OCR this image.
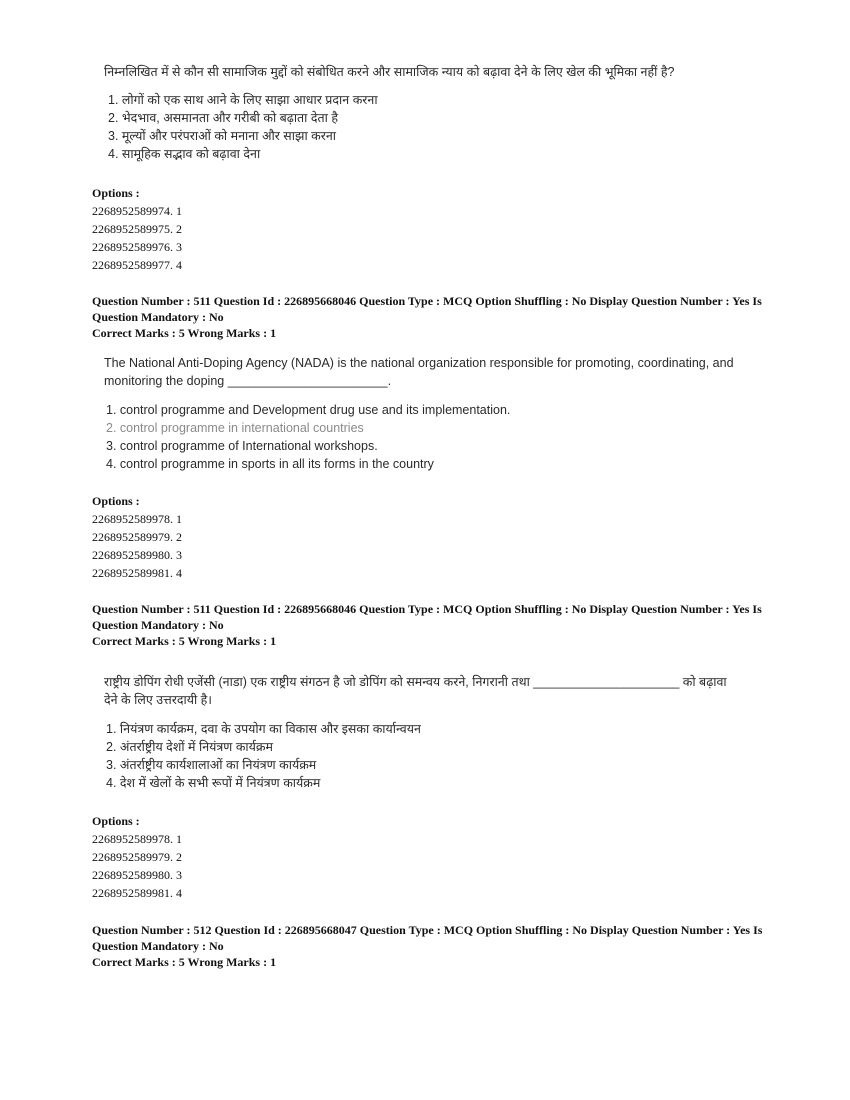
निम्नलिखित में से कौन सी सामाजिक मुद्दों को संबोधित करने और सामाजिक न्याय को बढ़ावा देने के लिए खेल की भूमिका नहीं है?
1. लोगों को एक साथ आने के लिए साझा आधार प्रदान करना
2. भेदभाव, असमानता और गरीबी को बढ़ाता देता है
3. मूल्यों और परंपराओं को मनाना और साझा करना
4. सामूहिक सद्भाव को बढ़ावा देना
Options :
2268952589974. 1
2268952589975. 2
2268952589976. 3
2268952589977. 4
Question Number : 511 Question Id : 226895668046 Question Type : MCQ Option Shuffling : No Display Question Number : Yes Is
Question Mandatory : No
Correct Marks : 5 Wrong Marks : 1
The National Anti-Doping Agency (NADA) is the national organization responsible for promoting, coordinating, and
monitoring the doping _______________________.
1. control programme and Development drug use and its implementation.
2. control programme in international countries
3. control programme of International workshops.
4. control programme in sports in all its forms in the country
Options :
2268952589978. 1
2268952589979. 2
2268952589980. 3
2268952589981. 4
Question Number : 511 Question Id : 226895668046 Question Type : MCQ Option Shuffling : No Display Question Number : Yes Is
Question Mandatory : No
Correct Marks : 5 Wrong Marks : 1
राष्ट्रीय डोपिंग रोधी एजेंसी (नाडा) एक राष्ट्रीय संगठन है जो डोपिंग को समन्वय करने, निगरानी तथा _____________________ को बढ़ावा
देने के लिए उत्तरदायी है।
1. नियंत्रण कार्यक्रम, दवा के उपयोग का विकास और इसका कार्यान्वयन
2. अंतर्राष्ट्रीय देशों में नियंत्रण कार्यक्रम
3. अंतर्राष्ट्रीय कार्यशालाओं का नियंत्रण कार्यक्रम
4. देश में खेलों के सभी रूपों में नियंत्रण कार्यक्रम
Options :
2268952589978. 1
2268952589979. 2
2268952589980. 3
2268952589981. 4
Question Number : 512 Question Id : 226895668047 Question Type : MCQ Option Shuffling : No Display Question Number : Yes Is
Question Mandatory : No
Correct Marks : 5 Wrong Marks : 1
